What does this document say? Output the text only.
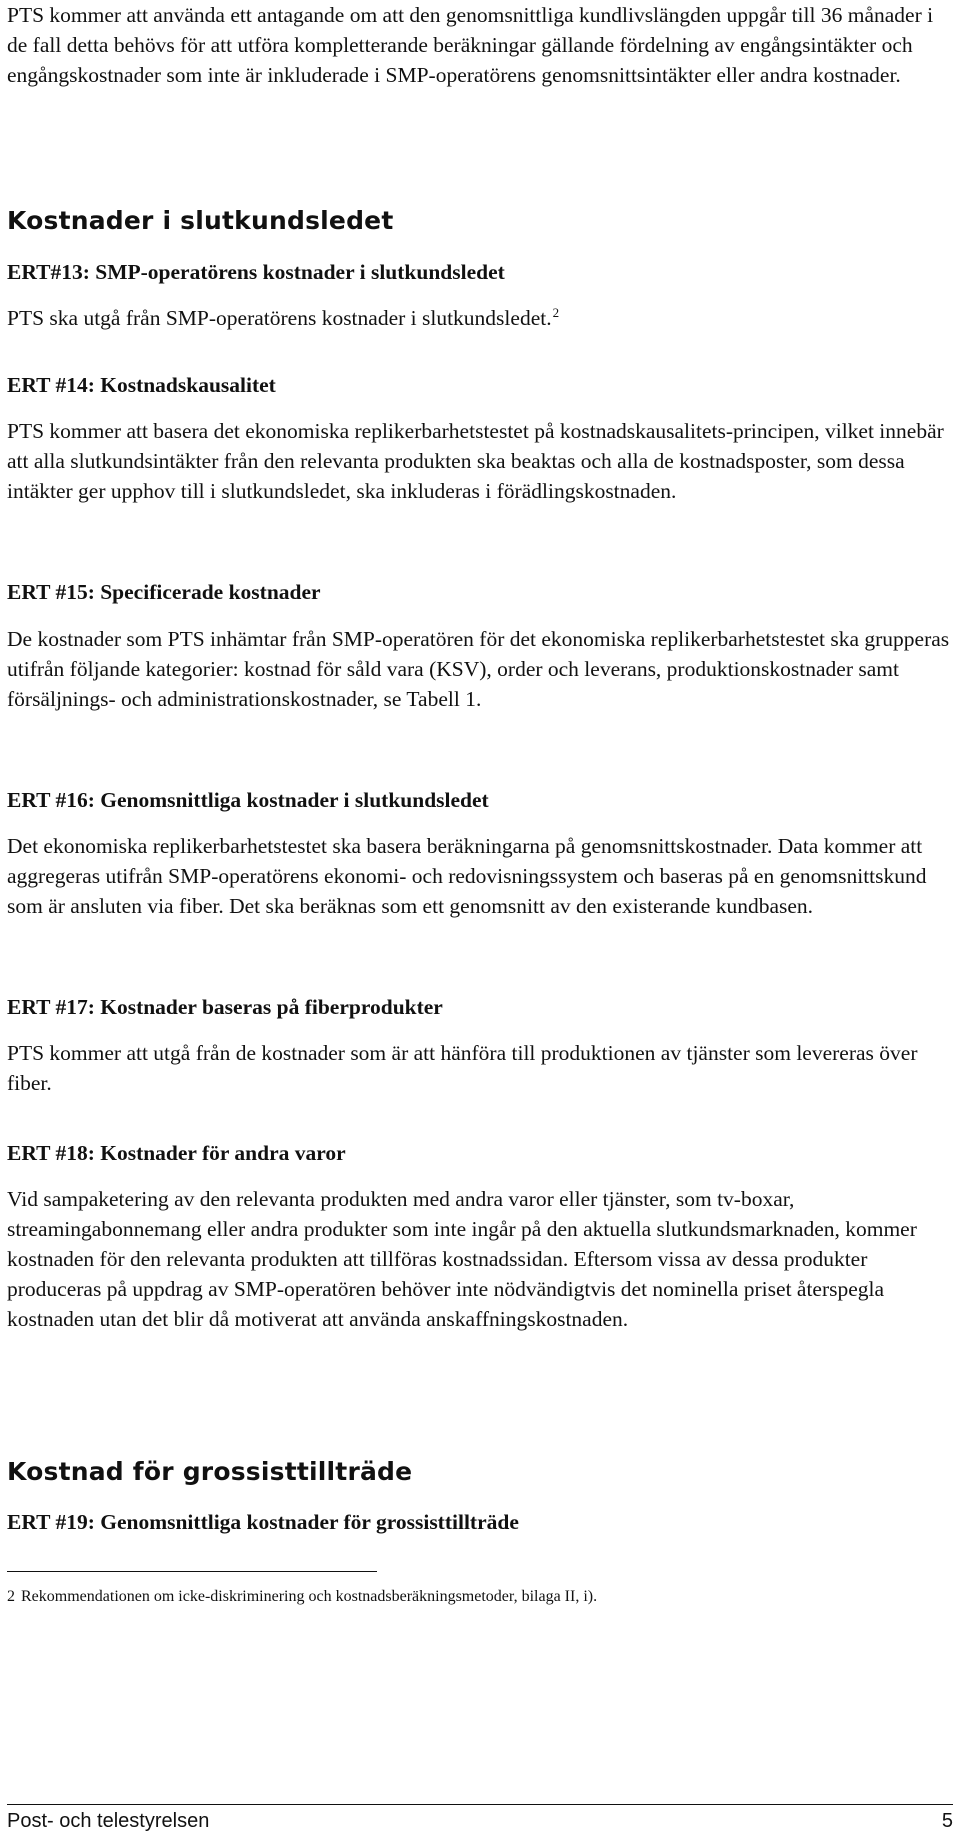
PTS kommer att använda ett antagande om att den genomsnittliga kundlivslängden uppgår till 36 månader i de fall detta behövs för att utföra kompletterande beräkningar gällande fördelning av engångsintäkter och engångskostnader som inte är inkluderade i SMP-operatörens genomsnittsintäkter eller andra kostnader.

Kostnader i slutkundsledet
ERT#13: SMP-operatörens kostnader i slutkundsledet

PTS ska utgå från SMP-operatörens kostnader i slutkundsledet.$^2$

ERT #14: Kostnadskausalitet

PTS kommer att basera det ekonomiska replikerbarhetstestet på kostnadskausalitets-principen, vilket innebär att alla slutkundsintäkter från den relevanta produkten ska beaktas och alla de kostnadsposter, som dessa intäkter ger upphov till i slutkundsledet, ska inkluderas i förädlingskostnaden.

ERT #15: Specificerade kostnader

De kostnader som PTS inhämtar från SMP-operatören för det ekonomiska replikerbarhetstestet ska grupperas utifrån följande kategorier: kostnad för såld vara (KSV), order och leverans, produktionskostnader samt försäljnings- och administrationskostnader, se Tabell 1.

ERT #16: Genomsnittliga kostnader i slutkundsledet

Det ekonomiska replikerbarhetstestet ska basera beräkningarna på genomsnittskostnader. Data kommer att aggregeras utifrån SMP-operatörens ekonomi- och redovisningssystem och baseras på en genomsnittskund som är ansluten via fiber. Det ska beräknas som ett genomsnitt av den existerande kundbasen.

ERT #17: Kostnader baseras på fiberprodukter

PTS kommer att utgå från de kostnader som är att hänföra till produktionen av tjänster som levereras över fiber.

ERT #18: Kostnader för andra varor

Vid sampaketering av den relevanta produkten med andra varor eller tjänster, som tv-boxar, streamingabonnemang eller andra produkter som inte ingår på den aktuella slutkundsmarknaden, kommer kostnaden för den relevanta produkten att tillföras kostnadssidan. Eftersom vissa av dessa produkter produceras på uppdrag av SMP-operatören behöver inte nödvändigtvis det nominella priset återspegla kostnaden utan det blir då motiverat att använda anskaffningskostnaden.

Kostnad för grossisttillträde
ERT #19: Genomsnittliga kostnader för grossisttillträde

2 Rekommendationen om icke-diskriminering och kostnadsberäkningsmetoder, bilaga II, i).

Post- och telestyrelsen	5
